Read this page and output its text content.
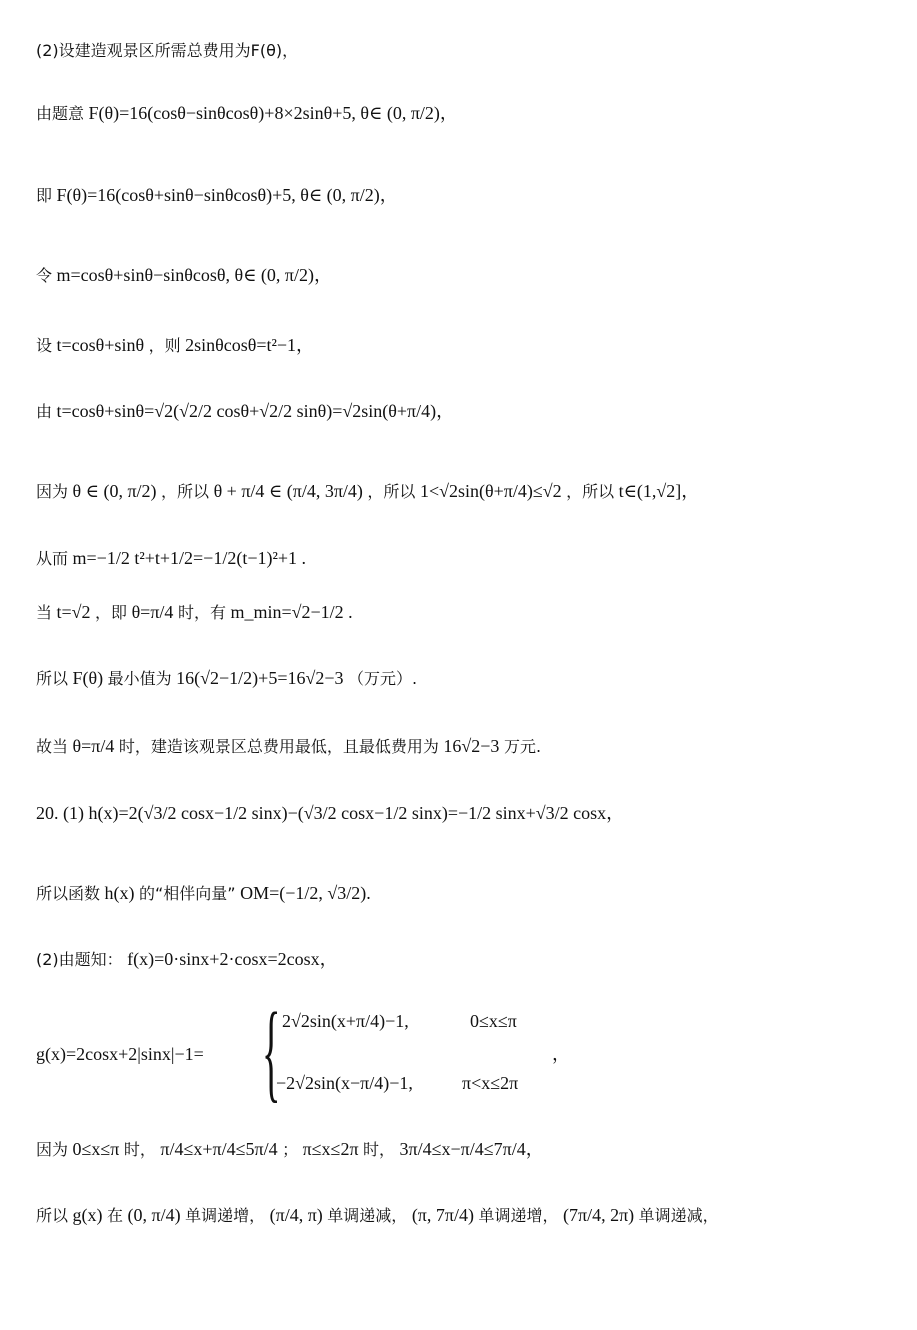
(2)设建造观景区所需总费用为F(θ)，
由题意 F(θ)=16(cosθ−sinθcosθ)+8×2sinθ+5, θ∈ (0, π/2)，
即 F(θ)=16(cosθ+sinθ−sinθcosθ)+5, θ∈ (0, π/2)，
令 m=cosθ+sinθ−sinθcosθ, θ∈ (0, π/2)，
设 t=cosθ+sinθ ，则 2sinθcosθ=t²−1，
由 t=cosθ+sinθ=√2(√2/2 cosθ+√2/2 sinθ)=√2sin(θ+π/4)，
因为 θ ∈ (0, π/2) ，所以 θ + π/4 ∈ (π/4, 3π/4) ，所以 1<√2sin(θ+π/4)≤√2 ，所以 t∈(1,√2]，
从而 m=−1/2 t²+t+1/2=−1/2(t−1)²+1 .
当 t=√2 ，即 θ=π/4 时，有 m_min=√2−1/2 .
所以 F(θ) 最小值为 16(√2−1/2)+5=16√2−3 （万元）.
故当 θ=π/4 时，建造该观景区总费用最低，且最低费用为 16√2−3 万元.
20. (1) h(x)=2(√3/2 cosx−1/2 sinx)−(√3/2 cosx−1/2 sinx)=−1/2 sinx+√3/2 cosx，
所以函数 h(x) 的“相伴向量” OM=(−1/2, √3/2).
(2)由题知： f(x)=0·sinx+2·cosx=2cosx，
g(x)=2cosx+2|sinx|−1= { 2√2sin(x+π/4)−1,	0≤x≤π
−2√2sin(x−π/4)−1,	π<x≤2π
，
因为 0≤x≤π 时， π/4≤x+π/4≤5π/4 ； π≤x≤2π 时， 3π/4≤x−π/4≤7π/4，
所以 g(x) 在 (0, π/4) 单调递增， (π/4, π) 单调递减， (π, 7π/4) 单调递增， (7π/4, 2π) 单调递减，
